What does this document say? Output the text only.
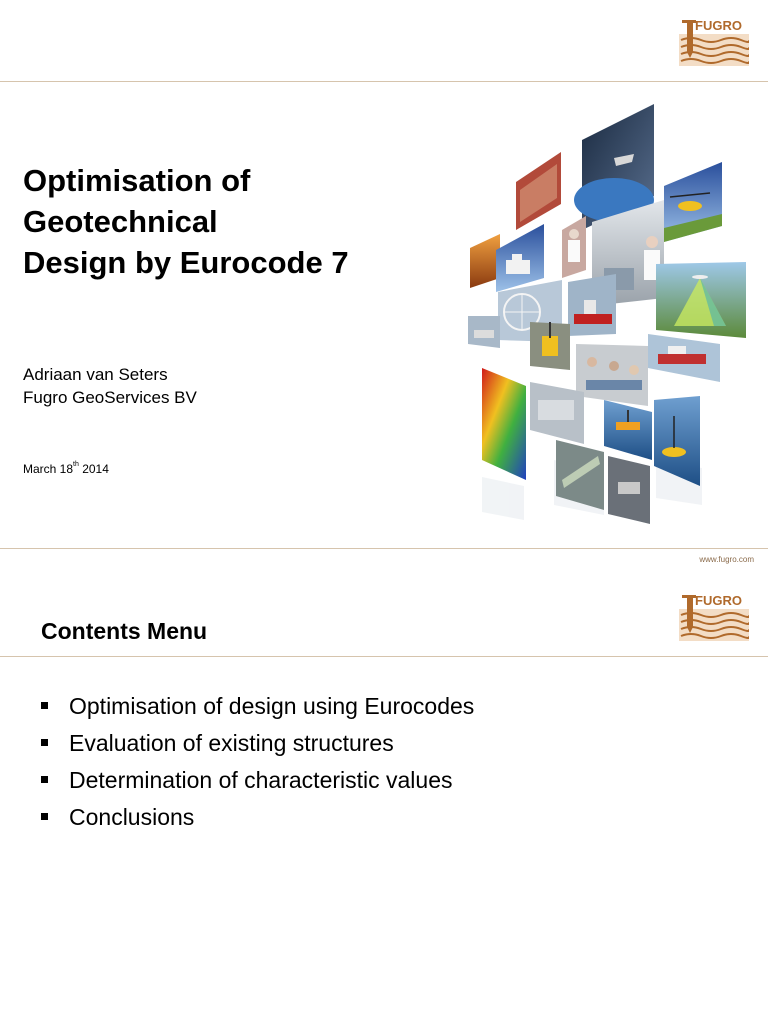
FUGRO
Optimisation of
Geotechnical
Design by Eurocode 7
Adriaan van Seters
Fugro GeoServices BV
March 18th 2014
www.fugro.com
FUGRO
Contents Menu
Optimisation of design using Eurocodes
Evaluation of existing structures
Determination of characteristic values
Conclusions
